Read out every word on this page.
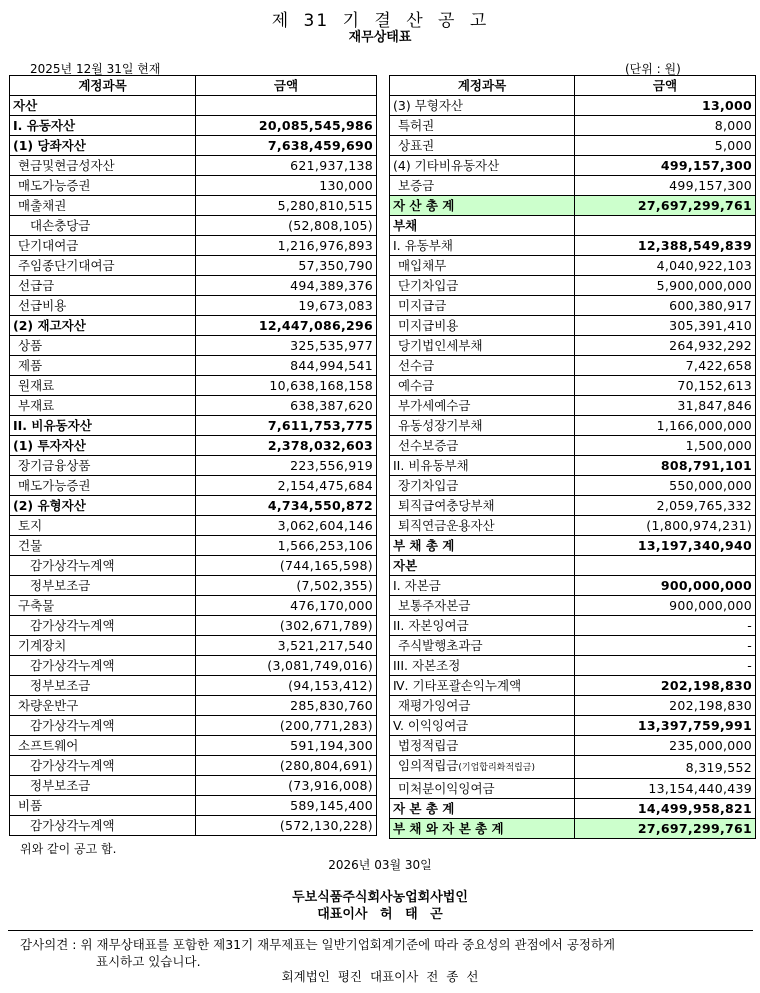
제 31 기 결 산 공 고
재무상태표
2025년 12월 31일 현재	(단위 : 원)
계정과목	금액
자산	
I. 유동자산	20,085,545,986
(1) 당좌자산	7,638,459,690
현금및현금성자산	621,937,138
매도가능증권	130,000
매출채권	5,280,810,515
대손충당금	(52,808,105)
단기대여금	1,216,976,893
주임종단기대여금	57,350,790
선급금	494,389,376
선급비용	19,673,083
(2) 재고자산	12,447,086,296
상품	325,535,977
제품	844,994,541
원재료	10,638,168,158
부재료	638,387,620
II. 비유동자산	7,611,753,775
(1) 투자자산	2,378,032,603
장기금융상품	223,556,919
매도가능증권	2,154,475,684
(2) 유형자산	4,734,550,872
토지	3,062,604,146
건물	1,566,253,106
감가상각누계액	(744,165,598)
정부보조금	(7,502,355)
구축물	476,170,000
감가상각누계액	(302,671,789)
기계장치	3,521,217,540
감가상각누계액	(3,081,749,016)
정부보조금	(94,153,412)
차량운반구	285,830,760
감가상각누계액	(200,771,283)
소프트웨어	591,194,300
감가상각누계액	(280,804,691)
정부보조금	(73,916,008)
비품	589,145,400
감가상각누계액	(572,130,228)
계정과목	금액
(3) 무형자산	13,000
특허권	8,000
상표권	5,000
(4) 기타비유동자산	499,157,300
보증금	499,157,300
자 산 총 계	27,697,299,761
부채	
I. 유동부채	12,388,549,839
매입채무	4,040,922,103
단기차입금	5,900,000,000
미지급금	600,380,917
미지급비용	305,391,410
당기법인세부채	264,932,292
선수금	7,422,658
예수금	70,152,613
부가세예수금	31,847,846
유동성장기부채	1,166,000,000
선수보증금	1,500,000
II. 비유동부채	808,791,101
장기차입금	550,000,000
퇴직급여충당부채	2,059,765,332
퇴직연금운용자산	(1,800,974,231)
부 채 총 계	13,197,340,940
자본	
I. 자본금	900,000,000
보통주자본금	900,000,000
II. 자본잉여금	-
주식발행초과금	-
III. 자본조정	-
Ⅳ. 기타포괄손익누계액	202,198,830
재평가잉여금	202,198,830
V. 이익잉여금	13,397,759,991
법정적립금	235,000,000
임의적립금(기업합리화적립금)	8,319,552
미처분이익잉여금	13,154,440,439
자 본 총 계	14,499,958,821
부 채 와 자 본 총 계	27,697,299,761
위와 같이 공고 함.
2026년 03월 30일
두보식품주식회사농업회사법인
대표이사 허 태 곤
감사의견 : 위 재무상태표를 포함한 제31기 재무제표는 일반기업회계기준에 따라 중요성의 관점에서 공정하게
표시하고 있습니다.
회계법인 평진 대표이사 전 종 선
